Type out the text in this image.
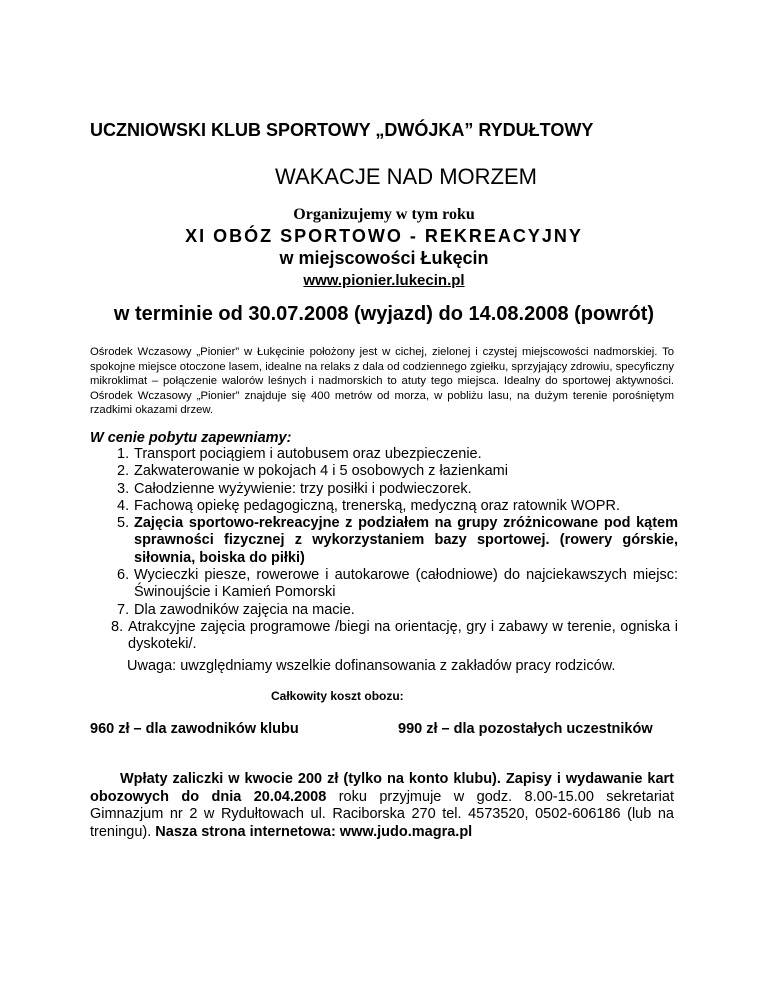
UCZNIOWSKI KLUB SPORTOWY „DWÓJKA” RYDUŁTOWY
WAKACJE NAD MORZEM
Organizujemy w tym roku
XI OBÓZ SPORTOWO - REKREACYJNY
w miejscowości Łukęcin
www.pionier.lukecin.pl
w terminie od 30.07.2008 (wyjazd) do 14.08.2008 (powrót)
Ośrodek Wczasowy „Pionier” w Łukęcinie położony jest w cichej, zielonej i czystej miejscowości nadmorskiej. To spokojne miejsce otoczone lasem, idealne na relaks z dala od codziennego zgiełku, sprzyjający zdrowiu, specyficzny mikroklimat – połączenie walorów leśnych i nadmorskich to atuty tego miejsca. Idealny do sportowej aktywności. Ośrodek Wczasowy „Pionier” znajduje się 400 metrów od morza, w pobliżu lasu, na dużym terenie porośniętym rzadkimi okazami drzew.
W cenie pobytu zapewniamy:
1. Transport pociągiem i autobusem oraz ubezpieczenie.
2. Zakwaterowanie w pokojach 4 i 5 osobowych z łazienkami
3. Całodzienne wyżywienie: trzy posiłki i podwieczorek.
4. Fachową opiekę pedagogiczną, trenerską, medyczną oraz ratownik WOPR.
5. Zajęcia sportowo-rekreacyjne z podziałem na grupy zróżnicowane pod kątem sprawności fizycznej z wykorzystaniem bazy sportowej. (rowery górskie, siłownia, boiska do piłki)
6. Wycieczki piesze, rowerowe i autokarowe (całodniowe) do najciekawszych miejsc: Świnoujście i Kamień Pomorski
7. Dla zawodników zajęcia na macie.
8. Atrakcyjne zajęcia programowe /biegi na orientację, gry i zabawy w terenie, ogniska i dyskoteki/.
Uwaga: uwzględniamy wszelkie dofinansowania z zakładów pracy rodziców.
Całkowity koszt obozu:
960 zł – dla zawodników klubu	990 zł – dla pozostałych uczestników
Wpłaty zaliczki w kwocie 200 zł (tylko na konto klubu). Zapisy i wydawanie kart obozowych do dnia 20.04.2008 roku przyjmuje w godz. 8.00-15.00 sekretariat Gimnazjum nr 2 w Rydułtowach ul. Raciborska 270 tel. 4573520, 0502-606186 (lub na treningu). Nasza strona internetowa: www.judo.magra.pl
